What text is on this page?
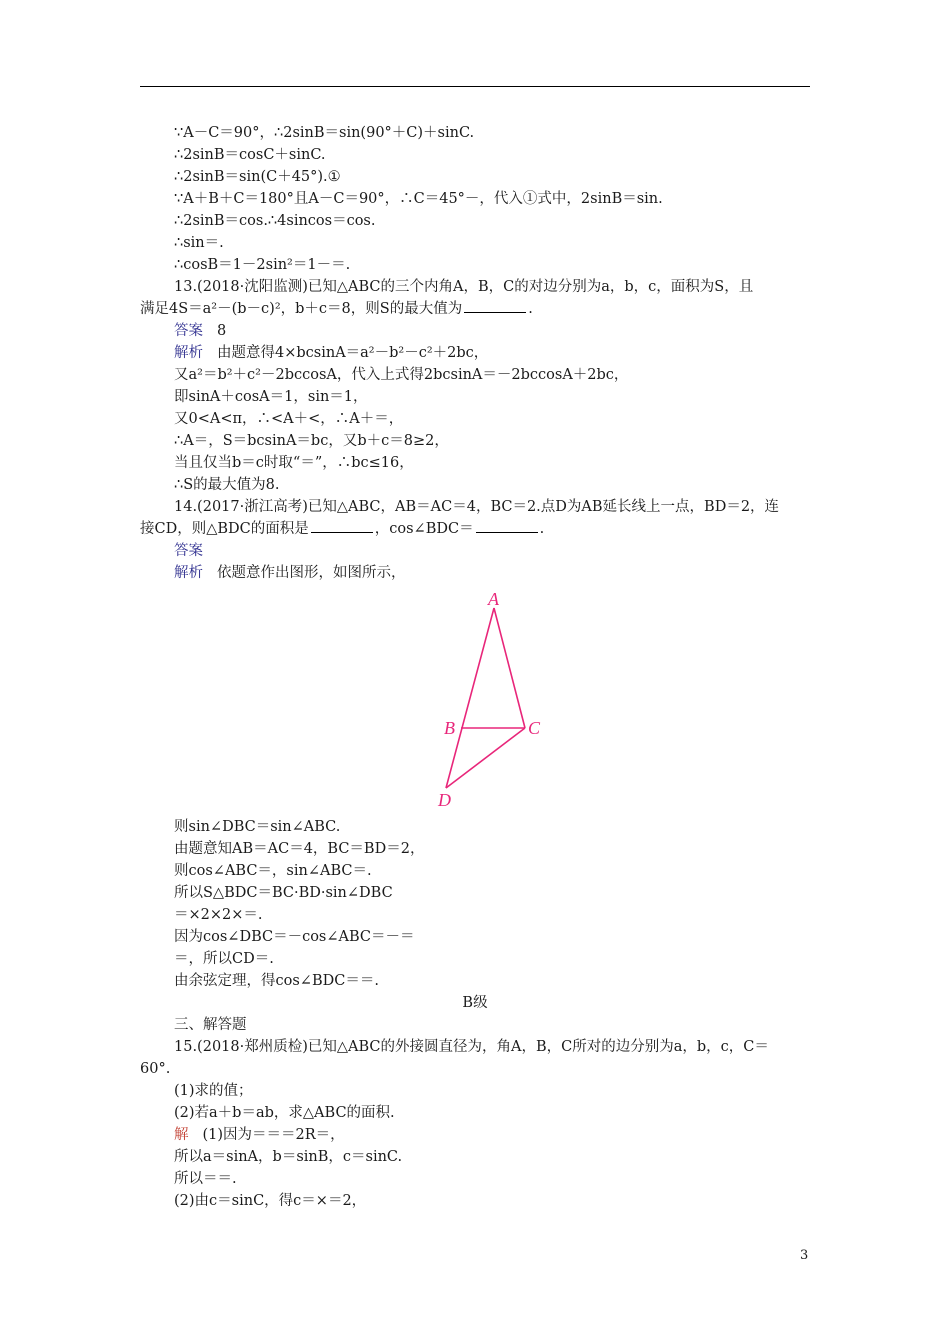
∵A－C＝90°，∴2sinB＝sin(90°＋C)＋sinC.
∴2sinB＝cosC＋sinC.
∴2sinB＝sin(C＋45°).①
∵A＋B＋C＝180°且A－C＝90°，∴C＝45°－，代入①式中，2sinB＝sin.
∴2sinB＝cos.∴4sincos＝cos.
∴sin＝.
∴cosB＝1－2sin²＝1－＝.
13.(2018·沈阳监测)已知△ABC的三个内角A，B，C的对边分别为a，b，c，面积为S，且
满足4S＝a²－(b－c)²，b＋c＝8，则S的最大值为	.
答案 8
解析 由题意得4×bcsinA＝a²－b²－c²＋2bc，
又a²＝b²＋c²－2bccosA，代入上式得2bcsinA＝－2bccosA＋2bc，
即sinA＋cosA＝1，sin＝1，
又0<A<π，∴<A＋<，∴A＋＝，
∴A＝，S＝bcsinA＝bc，又b＋c＝8≥2，
当且仅当b＝c时取“＝”，∴bc≤16，
∴S的最大值为8.
14.(2017·浙江高考)已知△ABC，AB＝AC＝4，BC＝2.点D为AB延长线上一点，BD＝2，连
接CD，则△BDC的面积是	，cos∠BDC＝	.
答案
解析 依题意作出图形，如图所示，
A
B	C
D
则sin∠DBC＝sin∠ABC.
由题意知AB＝AC＝4，BC＝BD＝2，
则cos∠ABC＝，sin∠ABC＝.
所以S△BDC＝BC·BD·sin∠DBC
＝×2×2×＝.
因为cos∠DBC＝－cos∠ABC＝－＝
＝，所以CD＝.
由余弦定理，得cos∠BDC＝＝.
B级
三、解答题
15.(2018·郑州质检)已知△ABC的外接圆直径为，角A，B，C所对的边分别为a，b，c，C＝
60°.
(1)求的值；
(2)若a＋b＝ab，求△ABC的面积.
解 (1)因为＝＝＝2R＝，
所以a＝sinA，b＝sinB，c＝sinC.
所以＝＝.
(2)由c＝sinC，得c＝×＝2，
3
